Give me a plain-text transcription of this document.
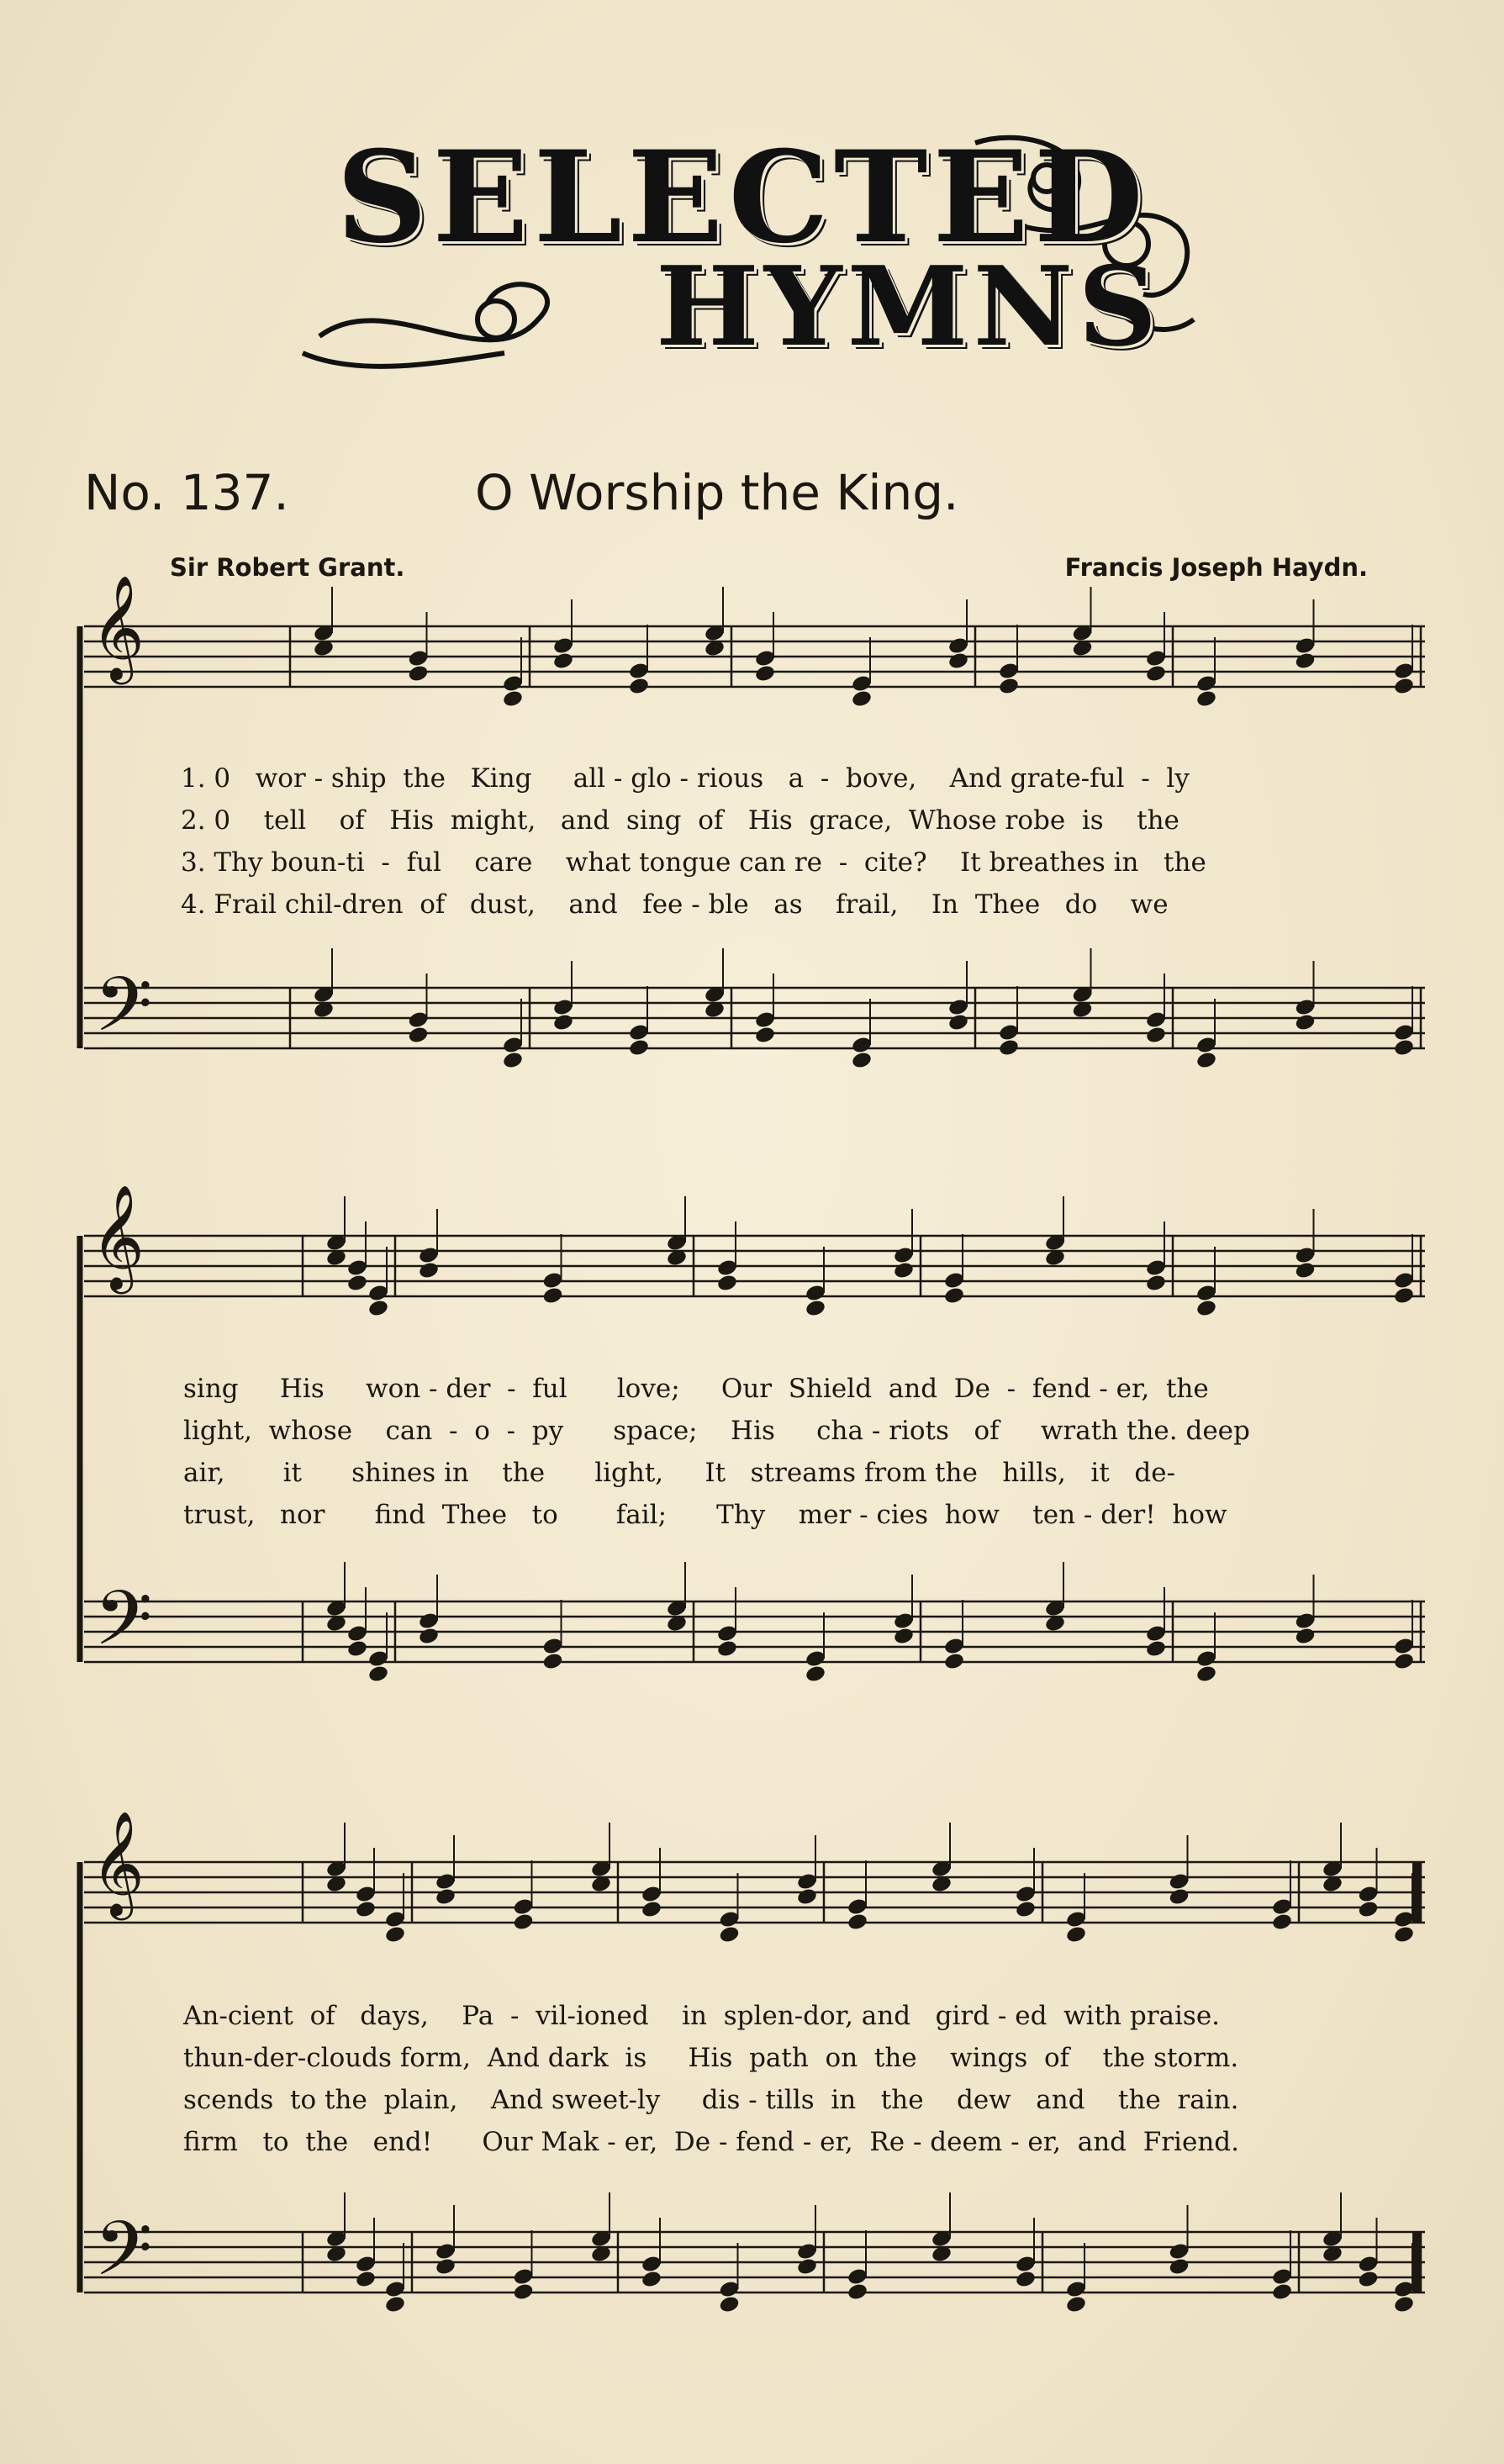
SELECTED
HYMNS
No. 137.	O Worship the King.
Sir Robert Grant.	Francis Joseph Haydn.
𝄞
𝄢
𝄞
𝄢
𝄞
𝄢
1. 0   wor - ship  the   King     all - glo - rious   a  -  bove,    And grate-ful  -  ly
2. 0    tell    of   His  might,   and  sing  of   His  grace,  Whose robe  is    the
3. Thy boun-ti  -  ful    care    what tongue can re  -  cite?    It breathes in   the
4. Frail chil-dren  of   dust,    and   fee - ble   as    frail,    In  Thee   do    we
sing     His     won - der  -  ful      love;     Our  Shield  and  De  -  fend - er,  the
light,  whose    can  -  o  -  py      space;    His     cha - riots   of     wrath the. deep
air,       it      shines in    the      light,     It   streams from the   hills,   it   de-
trust,   nor      find  Thee   to       fail;      Thy    mer - cies  how    ten - der!  how
An-cient  of   days,    Pa  -  vil-ioned    in  splen-dor, and   gird - ed  with praise.
thun-der-clouds form,  And dark  is     His  path  on  the    wings  of    the storm.
scends  to the  plain,    And sweet-ly     dis - tills  in   the    dew   and    the  rain.
firm   to  the   end!      Our Mak - er,  De - fend - er,  Re - deem - er,  and  Friend.
